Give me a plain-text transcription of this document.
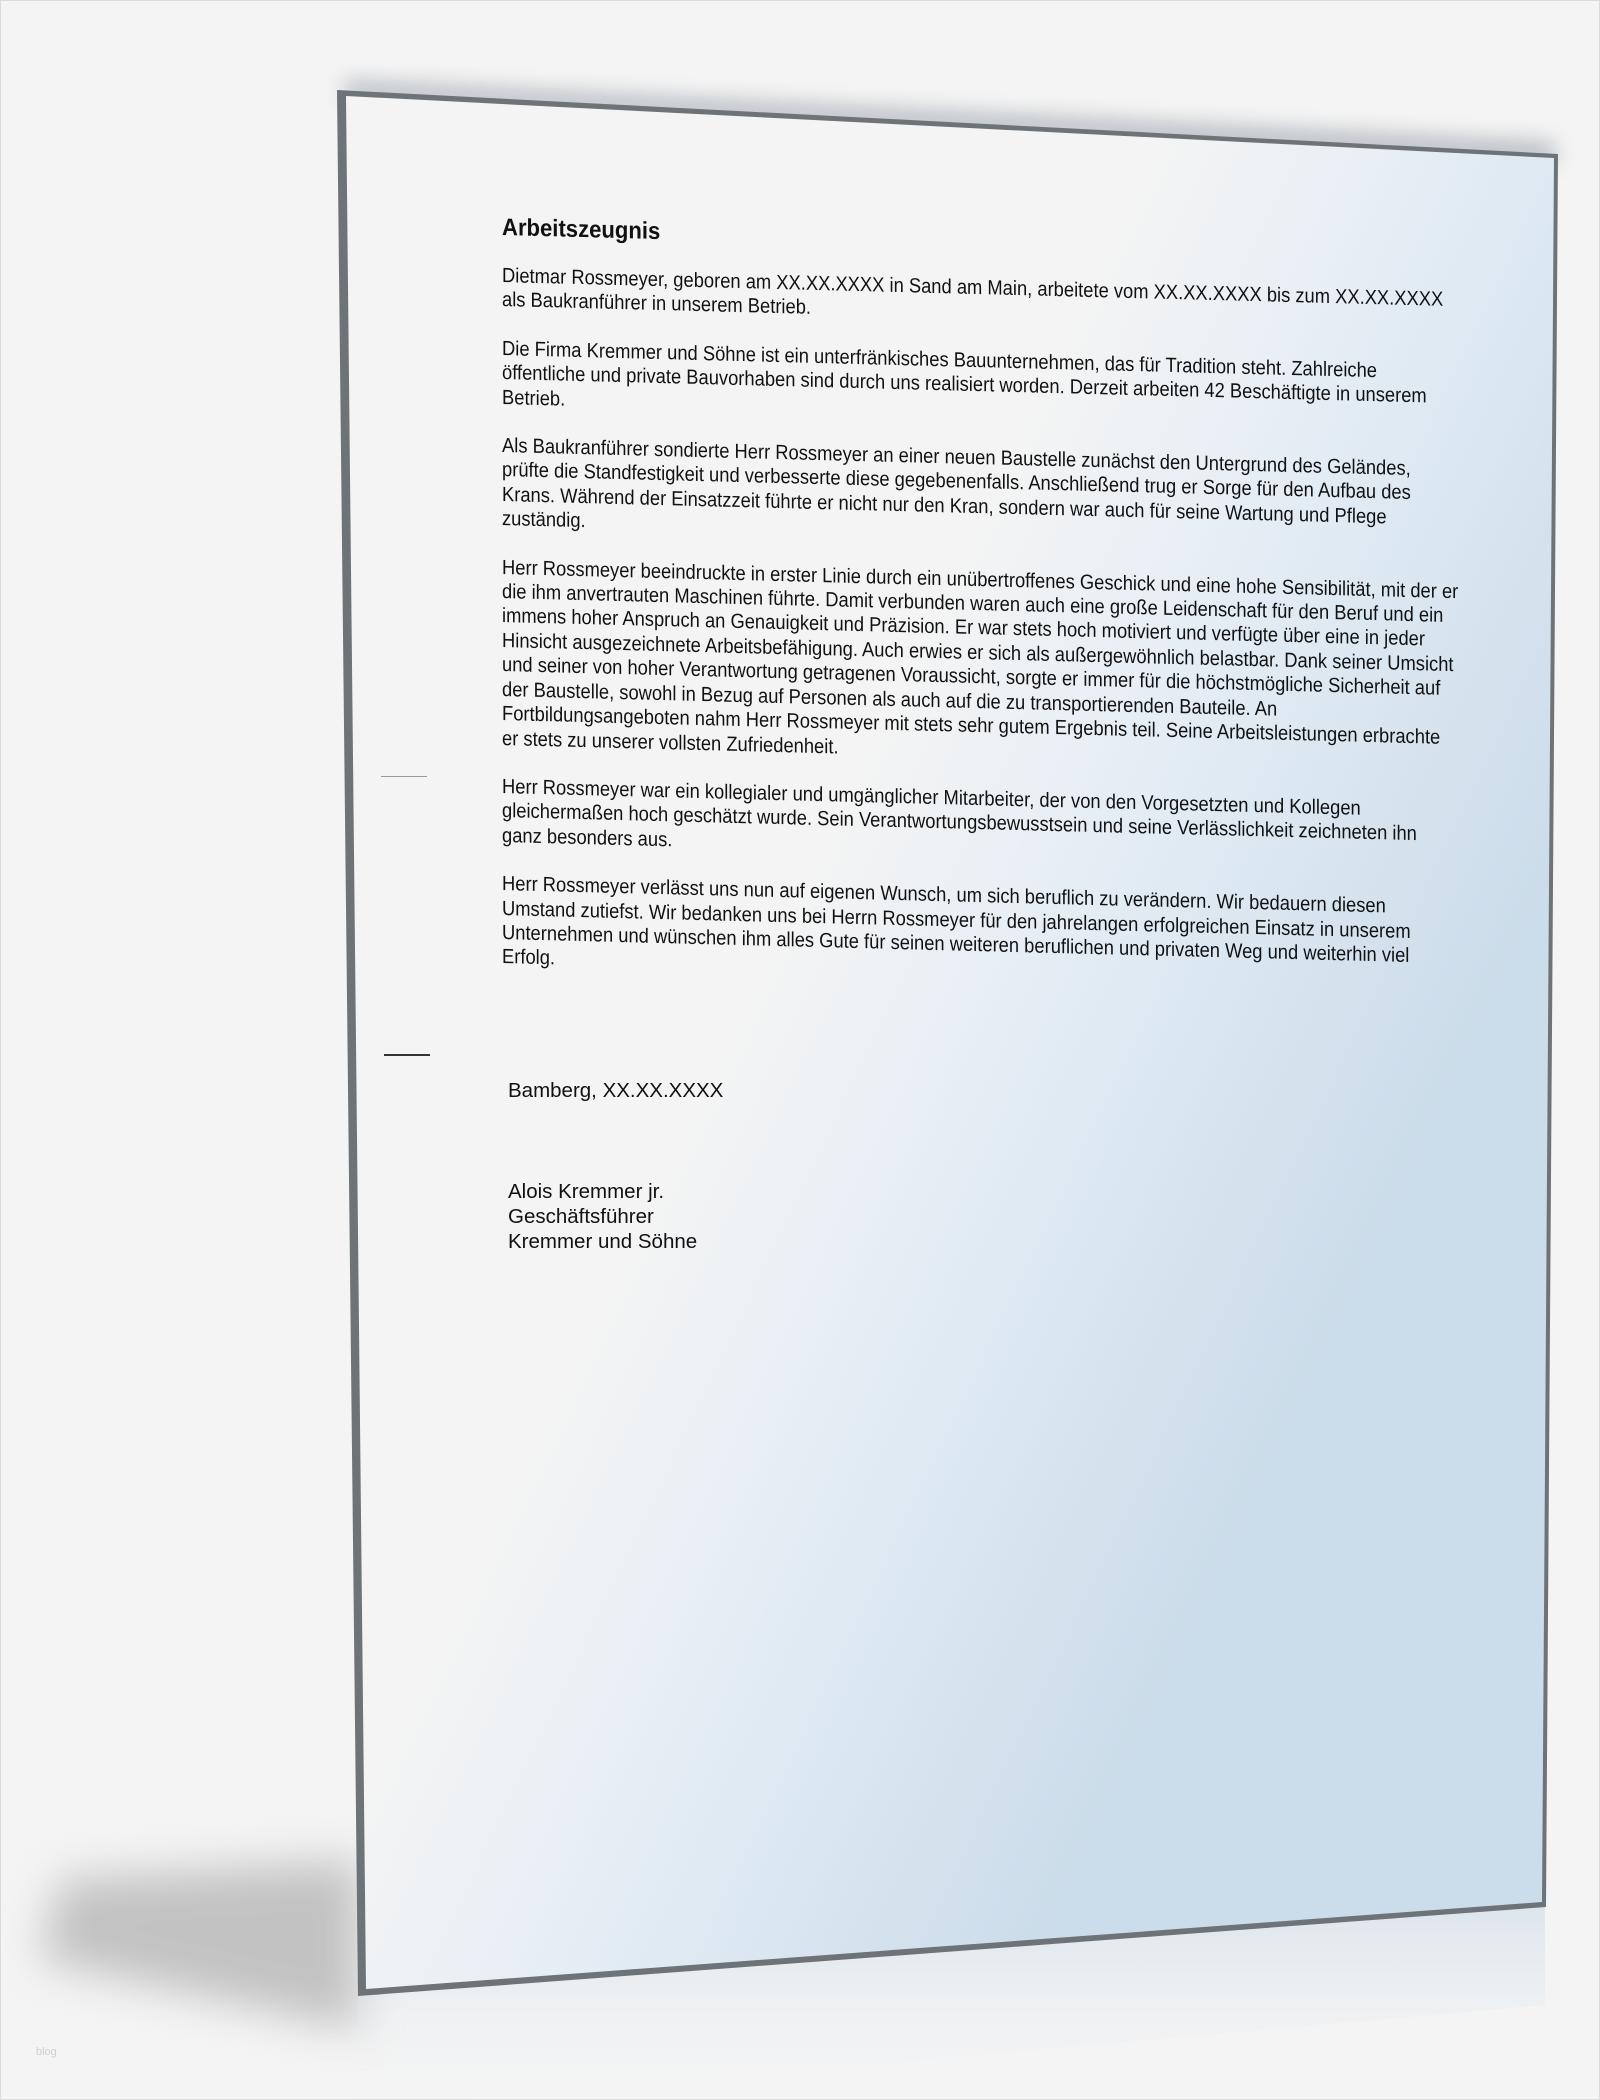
Arbeitszeugnis

Dietmar Rossmeyer, geboren am XX.XX.XXXX in Sand am Main, arbeitete vom XX.XX.XXXX bis zum XX.XX.XXXX als Baukranführer in unserem Betrieb.

Die Firma Kremmer und Söhne ist ein unterfränkisches Bauunternehmen, das für Tradition steht. Zahlreiche öffentliche und private Bauvorhaben sind durch uns realisiert worden. Derzeit arbeiten 42 Beschäftigte in unserem Betrieb.

Als Baukranführer sondierte Herr Rossmeyer an einer neuen Baustelle zunächst den Untergrund des Geländes, prüfte die Standfestigkeit und verbesserte diese gegebenenfalls. Anschließend trug er Sorge für den Aufbau des Krans. Während der Einsatzzeit führte er nicht nur den Kran, sondern war auch für seine Wartung und Pflege zuständig.

Herr Rossmeyer beeindruckte in erster Linie durch ein unübertroffenes Geschick und eine hohe Sensibilität, mit der er die ihm anvertrauten Maschinen führte. Damit verbunden waren auch eine große Leidenschaft für den Beruf und ein immens hoher Anspruch an Genauigkeit und Präzision. Er war stets hoch motiviert und verfügte über eine in jeder Hinsicht ausgezeichnete Arbeitsbefähigung. Auch erwies er sich als außergewöhnlich belastbar. Dank seiner Umsicht und seiner von hoher Verantwortung getragenen Voraussicht, sorgte er immer für die höchstmögliche Sicherheit auf der Baustelle, sowohl in Bezug auf Personen als auch auf die zu transportierenden Bauteile. An Fortbildungsangeboten nahm Herr Rossmeyer mit stets sehr gutem Ergebnis teil. Seine Arbeitsleistungen erbrachte er stets zu unserer vollsten Zufriedenheit.

Herr Rossmeyer war ein kollegialer und umgänglicher Mitarbeiter, der von den Vorgesetzten und Kollegen gleichermaßen hoch geschätzt wurde. Sein Verantwortungsbewusstsein und seine Verlässlichkeit zeichneten ihn ganz besonders aus.

Herr Rossmeyer verlässt uns nun auf eigenen Wunsch, um sich beruflich zu verändern. Wir bedauern diesen Umstand zutiefst. Wir bedanken uns bei Herrn Rossmeyer für den jahrelangen erfolgreichen Einsatz in unserem Unternehmen und wünschen ihm alles Gute für seinen weiteren beruflichen und privaten Weg und weiterhin viel Erfolg.

Bamberg, XX.XX.XXXX
Alois Kremmer jr.
Geschäftsführer
Kremmer und Söhne
blog
